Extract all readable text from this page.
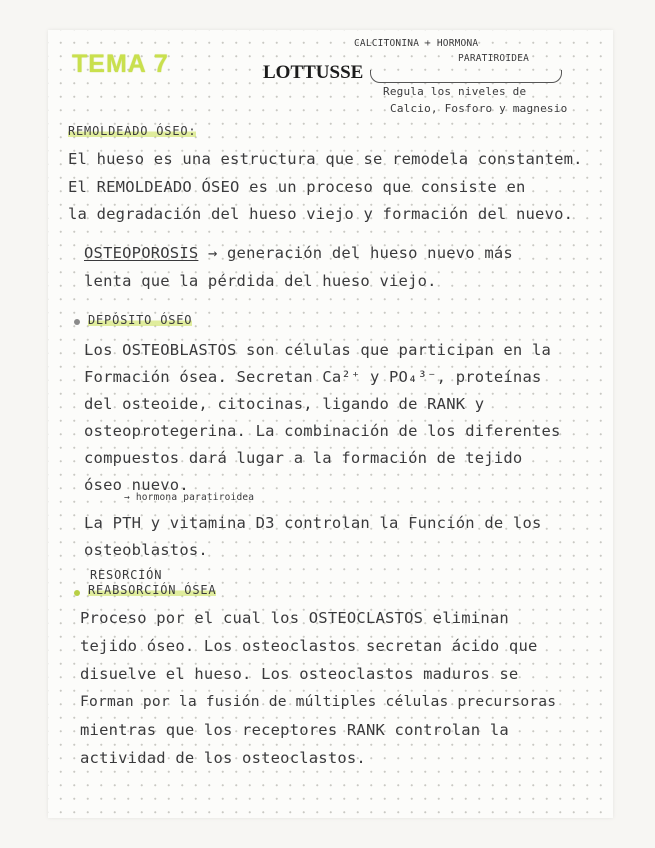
TEMA 7	LOTTUSSE
CALCITONINA + HORMONA
PARATIROIDEA
Regula los niveles de
Calcio, Fosforo y magnesio
REMOLDEADO ÓSEO:
El hueso es una estructura que se remodela constantem.
El REMOLDEADO ÓSEO es un proceso que consiste en
la degradación del hueso viejo y formación del nuevo.
OSTEOPOROSIS → generación del hueso nuevo más
lenta que la pérdida del hueso viejo.
DEPÓSITO ÓSEO
Los OSTEOBLASTOS son células que participan en la
Formación ósea. Secretan Ca²⁺ y PO₄³⁻, proteínas
del osteoide, citocinas, ligando de RANK y
osteoprotegerina. La combinación de los diferentes
compuestos dará lugar a la formación de tejido
óseo nuevo.
→ hormona paratiroidea
La PTH y vitamina D3 controlan la Función de los
osteoblastos.
RESORCIÓN
REABSORCIÓN ÓSEA
Proceso por el cual los OSTEOCLASTOS eliminan
tejido óseo. Los osteoclastos secretan ácido que
disuelve el hueso. Los osteoclastos maduros se
Forman por la fusión de múltiples células precursoras
mientras que los receptores RANK controlan la
actividad de los osteoclastos.
